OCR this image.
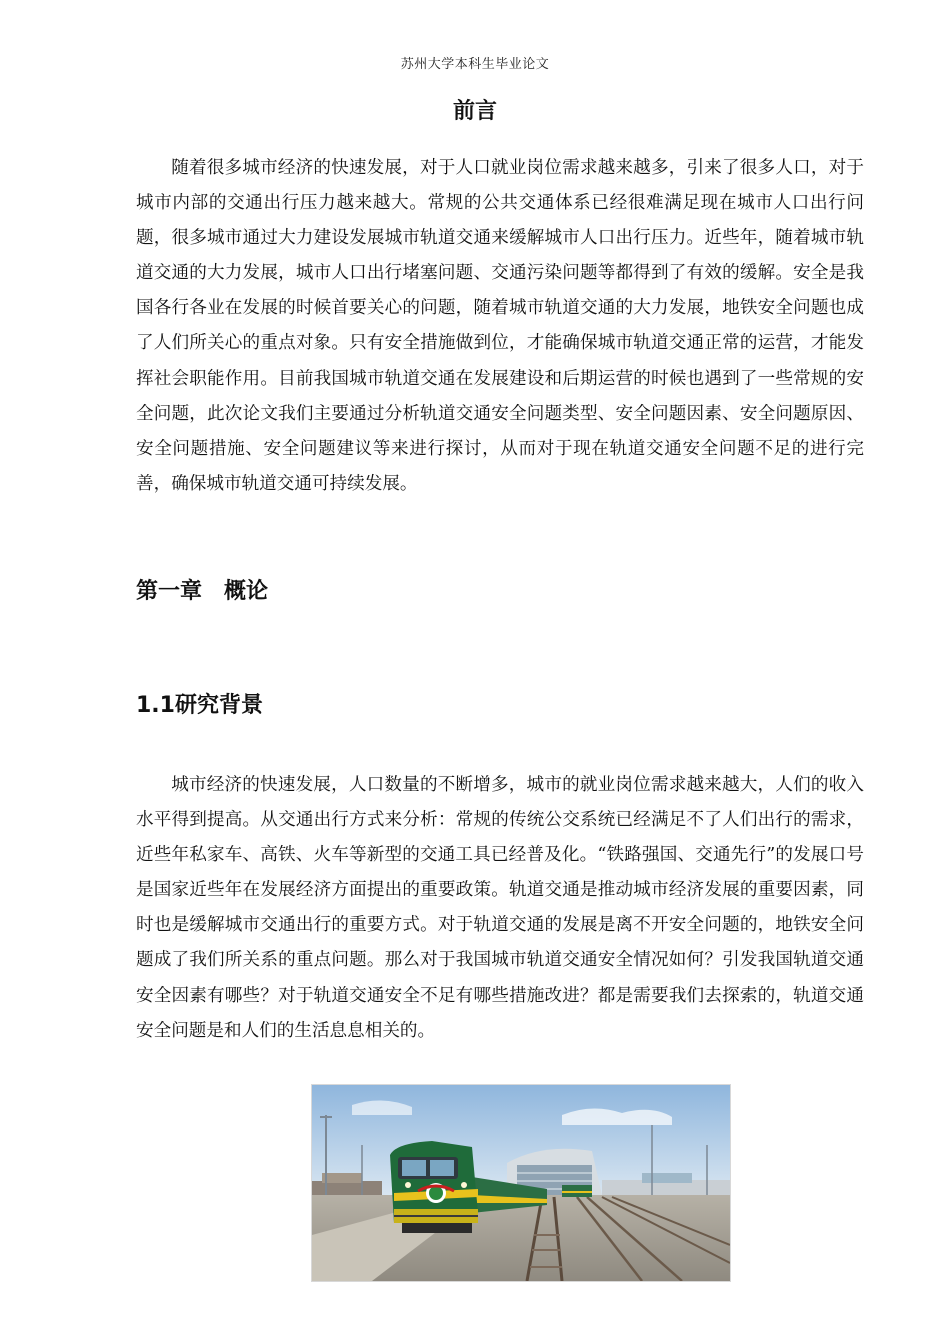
苏州大学本科生毕业论文
前言

随着很多城市经济的快速发展，对于人口就业岗位需求越来越多，引来了很多人口，对于城市内部的交通出行压力越来越大。常规的公共交通体系已经很难满足现在城市人口出行问题，很多城市通过大力建设发展城市轨道交通来缓解城市人口出行压力。近些年，随着城市轨道交通的大力发展，城市人口出行堵塞问题、交通污染问题等都得到了有效的缓解。安全是我国各行各业在发展的时候首要关心的问题，随着城市轨道交通的大力发展，地铁安全问题也成了人们所关心的重点对象。只有安全措施做到位，才能确保城市轨道交通正常的运营，才能发挥社会职能作用。目前我国城市轨道交通在发展建设和后期运营的时候也遇到了一些常规的安全问题，此次论文我们主要通过分析轨道交通安全问题类型、安全问题因素、安全问题原因、安全问题措施、安全问题建议等来进行探讨，从而对于现在轨道交通安全问题不足的进行完善，确保城市轨道交通可持续发展。

第一章　概论
1.1研究背景

城市经济的快速发展，人口数量的不断增多，城市的就业岗位需求越来越大，人们的收入水平得到提高。从交通出行方式来分析：常规的传统公交系统已经满足不了人们出行的需求，近些年私家车、高铁、火车等新型的交通工具已经普及化。“铁路强国、交通先行”的发展口号是国家近些年在发展经济方面提出的重要政策。轨道交通是推动城市经济发展的重要因素，同时也是缓解城市交通出行的重要方式。对于轨道交通的发展是离不开安全问题的，地铁安全问题成了我们所关系的重点问题。那么对于我国城市轨道交通安全情况如何？引发我国轨道交通安全因素有哪些？对于轨道交通安全不足有哪些措施改进？都是需要我们去探索的，轨道交通安全问题是和人们的生活息息相关的。
